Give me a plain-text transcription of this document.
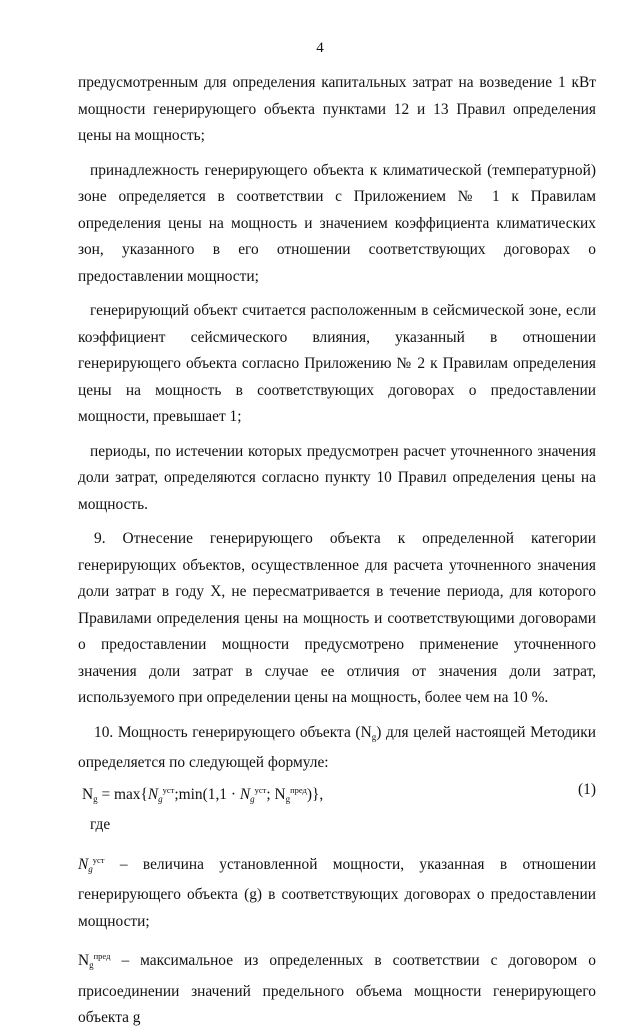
4

предусмотренным для определения капитальных затрат на возведение 1 кВт мощности генерирующего объекта пунктами 12 и 13 Правил определения цены на мощность;

принадлежность генерирующего объекта к климатической (температурной) зоне определяется в соответствии с Приложением № 1 к Правилам определения цены на мощность и значением коэффициента климатических зон, указанного в его отношении соответствующих договорах о предоставлении мощности;

генерирующий объект считается расположенным в сейсмической зоне, если коэффициент сейсмического влияния, указанный в отношении генерирующего объекта согласно Приложению № 2 к Правилам определения цены на мощность в соответствующих договорах о предоставлении мощности, превышает 1;

периоды, по истечении которых предусмотрен расчет уточненного значения доли затрат, определяются согласно пункту 10 Правил определения цены на мощность.

9. Отнесение генерирующего объекта к определенной категории генерирующих объектов, осуществленное для расчета уточненного значения доли затрат в году X, не пересматривается в течение периода, для которого Правилами определения цены на мощность и соответствующими договорами о предоставлении мощности предусмотрено применение уточненного значения доли затрат в случае ее отличия от значения доли затрат, используемого при определении цены на мощность, более чем на 10 %.

10. Мощность генерирующего объекта $(N_g)$ для целей настоящей Методики определяется по следующей формуле:

$N_g$ = $\max\{N_g^{уст};\min(1,1 \cdot N_g^{уст}$; $N_g^{пред}$)},	(1)

где

$N_g^{уст}$ – величина установленной мощности, указанная в отношении генерирующего объекта (g) в соответствующих договорах о предоставлении мощности;

$N_g^{пред}$ – максимальное из определенных в соответствии с договором о присоединении значений предельного объема мощности генерирующего объекта g
